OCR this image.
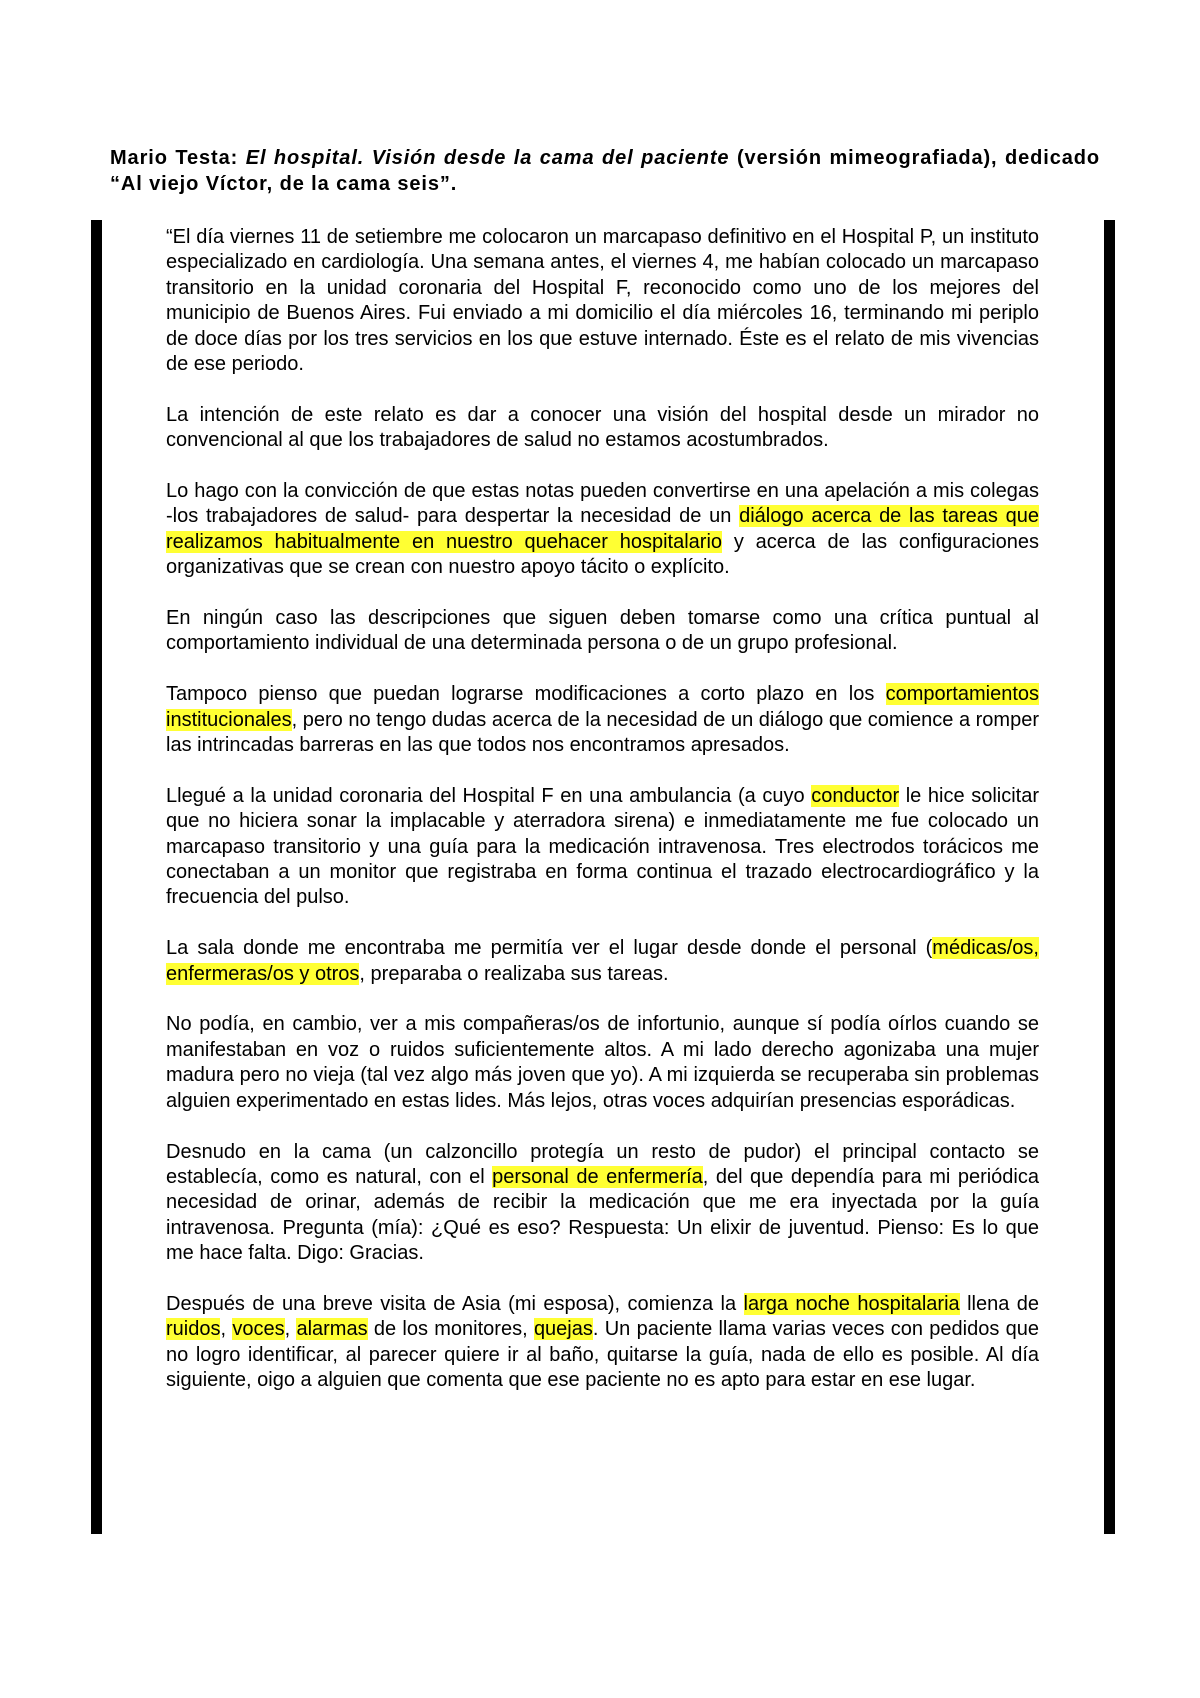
Mario Testa: El hospital. Visión desde la cama del paciente (versión mimeografiada), dedicado “Al viejo Víctor, de la cama seis”.

“El día viernes 11 de setiembre me colocaron un marcapaso definitivo en el Hospital P, un instituto especializado en cardiología. Una semana antes, el viernes 4, me habían colocado un marcapaso transitorio en la unidad coronaria del Hospital F, reconocido como uno de los mejores del municipio de Buenos Aires. Fui enviado a mi domicilio el día miércoles 16, terminando mi periplo de doce días por los tres servicios en los que estuve internado. Éste es el relato de mis vivencias de ese periodo.

La intención de este relato es dar a conocer una visión del hospital desde un mirador no convencional al que los trabajadores de salud no estamos acostumbrados.

Lo hago con la convicción de que estas notas pueden convertirse en una apelación a mis colegas -los trabajadores de salud- para despertar la necesidad de un diálogo acerca de las tareas que realizamos habitualmente en nuestro quehacer hospitalario y acerca de las configuraciones organizativas que se crean con nuestro apoyo tácito o explícito.

En ningún caso las descripciones que siguen deben tomarse como una crítica puntual al comportamiento individual de una determinada persona o de un grupo profesional.

Tampoco pienso que puedan lograrse modificaciones a corto plazo en los comportamientos institucionales, pero no tengo dudas acerca de la necesidad de un diálogo que comience a romper las intrincadas barreras en las que todos nos encontramos apresados.

Llegué a la unidad coronaria del Hospital F en una ambulancia (a cuyo conductor le hice solicitar que no hiciera sonar la implacable y aterradora sirena) e inmediatamente me fue colocado un marcapaso transitorio y una guía para la medicación intravenosa. Tres electrodos torácicos me conectaban a un monitor que registraba en forma continua el trazado electrocardiográfico y la frecuencia del pulso.

La sala donde me encontraba me permitía ver el lugar desde donde el personal (médicas/os, enfermeras/os y otros, preparaba o realizaba sus tareas.

No podía, en cambio, ver a mis compañeras/os de infortunio, aunque sí podía oírlos cuando se manifestaban en voz o ruidos suficientemente altos. A mi lado derecho agonizaba una mujer madura pero no vieja (tal vez algo más joven que yo). A mi izquierda se recuperaba sin problemas alguien experimentado en estas lides. Más lejos, otras voces adquirían presencias esporádicas.

Desnudo en la cama (un calzoncillo protegía un resto de pudor) el principal contacto se establecía, como es natural, con el personal de enfermería, del que dependía para mi periódica necesidad de orinar, además de recibir la medicación que me era inyectada por la guía intravenosa. Pregunta (mía): ¿Qué es eso? Respuesta: Un elixir de juventud. Pienso: Es lo que me hace falta. Digo: Gracias.

Después de una breve visita de Asia (mi esposa), comienza la larga noche hospitalaria llena de ruidos, voces, alarmas de los monitores, quejas. Un paciente llama varias veces con pedidos que no logro identificar, al parecer quiere ir al baño, quitarse la guía, nada de ello es posible. Al día siguiente, oigo a alguien que comenta que ese paciente no es apto para estar en ese lugar.
